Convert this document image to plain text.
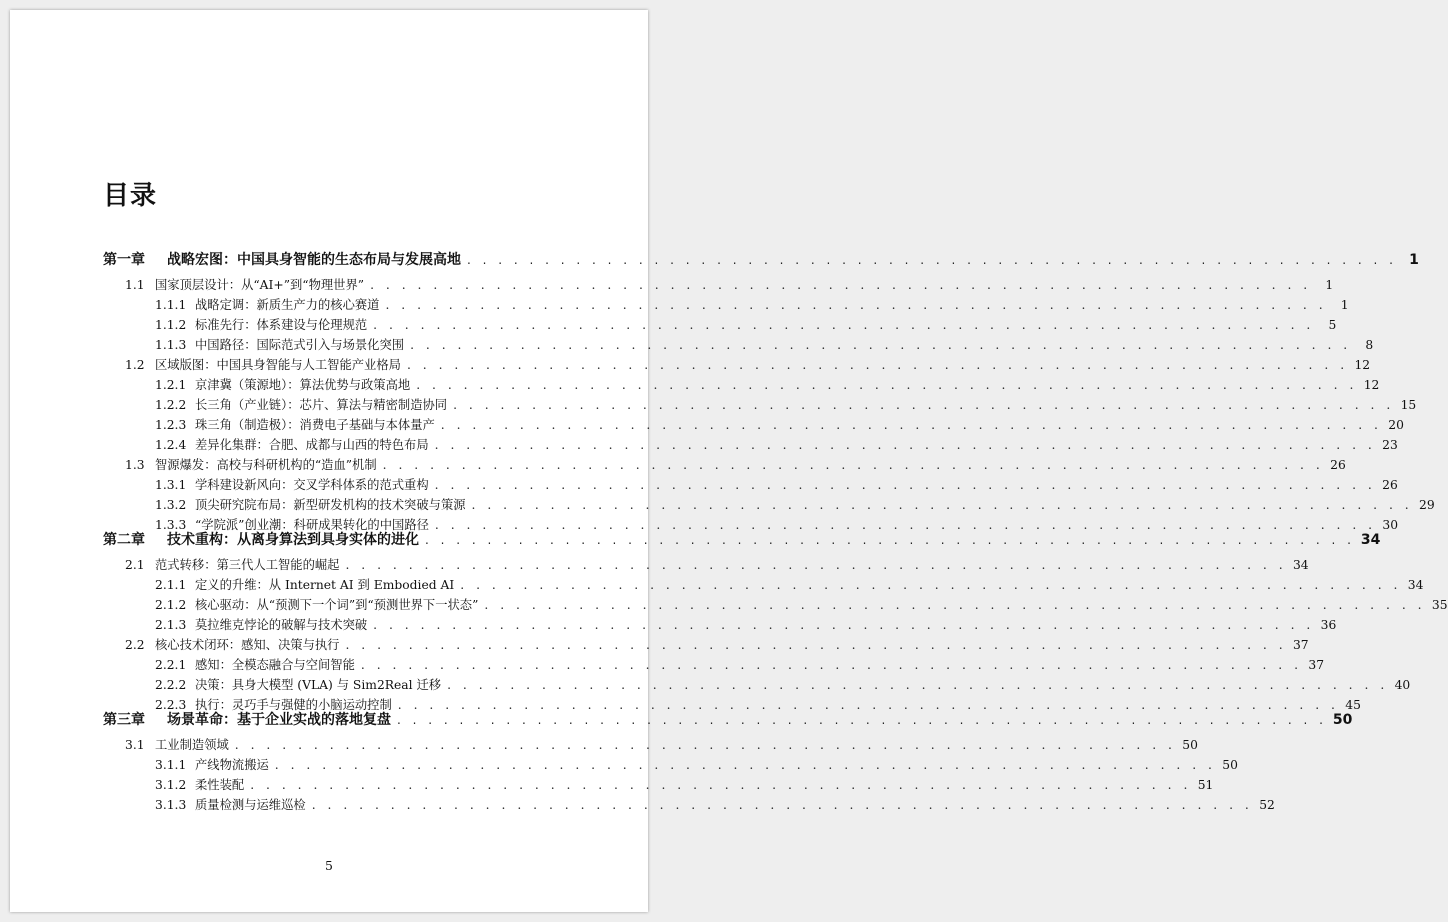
目录
第一章	战略宏图：中国具身智能的生态布局与发展高地 . . . . . . . . . . . . . . . . . . . . . . . . . . . . . . . . . . . . . . . . . . . . . . . . . . . . . . . . . . . . 1
1.1 国家顶层设计：从“AI+”到“物理世界” . . . . . . . . . . . . . . . . . . . . . . . . . . . . . . . . . . . . . . . . . . . . . . . . . . . . . . . . . . . .	1
1.1.1 战略定调：新质生产力的核心赛道 . . . . . . . . . . . . . . . . . . . . . . . . . . . . . . . . . . . . . . . . . . . . . . . . . . . . . . . . . . . .	1
1.1.2 标准先行：体系建设与伦理规范 . . . . . . . . . . . . . . . . . . . . . . . . . . . . . . . . . . . . . . . . . . . . . . . . . . . . . . . . . . . .	5
1.1.3 中国路径：国际范式引入与场景化突围 . . . . . . . . . . . . . . . . . . . . . . . . . . . . . . . . . . . . . . . . . . . . . . . . . . . . . . . . . . . .	8
1.2 区域版图：中国具身智能与人工智能产业格局 . . . . . . . . . . . . . . . . . . . . . . . . . . . . . . . . . . . . . . . . . . . . . . . . . . . . . . . . . . . . 12
1.2.1 京津冀（策源地）：算法优势与政策高地 . . . . . . . . . . . . . . . . . . . . . . . . . . . . . . . . . . . . . . . . . . . . . . . . . . . . . . . . . . . . 12
1.2.2 长三角（产业链）：芯片、算法与精密制造协同 . . . . . . . . . . . . . . . . . . . . . . . . . . . . . . . . . . . . . . . . . . . . . . . . . . . . . . . . . . . . 15
1.2.3 珠三角（制造极）：消费电子基础与本体量产 . . . . . . . . . . . . . . . . . . . . . . . . . . . . . . . . . . . . . . . . . . . . . . . . . . . . . . . . . . . . 20
1.2.4 差异化集群：合肥、成都与山西的特色布局 . . . . . . . . . . . . . . . . . . . . . . . . . . . . . . . . . . . . . . . . . . . . . . . . . . . . . . . . . . . . 23
1.3 智源爆发：高校与科研机构的“造血”机制 . . . . . . . . . . . . . . . . . . . . . . . . . . . . . . . . . . . . . . . . . . . . . . . . . . . . . . . . . . . . 26
1.3.1 学科建设新风向：交叉学科体系的范式重构 . . . . . . . . . . . . . . . . . . . . . . . . . . . . . . . . . . . . . . . . . . . . . . . . . . . . . . . . . . . . 26
1.3.2 顶尖研究院布局：新型研发机构的技术突破与策源 . . . . . . . . . . . . . . . . . . . . . . . . . . . . . . . . . . . . . . . . . . . . . . . . . . . . . . . . . . . . 29
1.3.3 “学院派”创业潮：科研成果转化的中国路径 . . . . . . . . . . . . . . . . . . . . . . . . . . . . . . . . . . . . . . . . . . . . . . . . . . . . . . . . . . . . 30
第二章	技术重构：从离身算法到具身实体的进化 . . . . . . . . . . . . . . . . . . . . . . . . . . . . . . . . . . . . . . . . . . . . . . . . . . . . . . . . . . . . 34
2.1 范式转移：第三代人工智能的崛起 . . . . . . . . . . . . . . . . . . . . . . . . . . . . . . . . . . . . . . . . . . . . . . . . . . . . . . . . . . . . 34
2.1.1 定义的升维：从 Internet AI 到 Embodied AI . . . . . . . . . . . . . . . . . . . . . . . . . . . . . . . . . . . . . . . . . . . . . . . . . . . . . . . . . . . . 34
2.1.2 核心驱动：从“预测下一个词”到“预测世界下一状态” . . . . . . . . . . . . . . . . . . . . . . . . . . . . . . . . . . . . . . . . . . . . . . . . . . . . . . . . . . . . 35
2.1.3 莫拉维克悖论的破解与技术突破 . . . . . . . . . . . . . . . . . . . . . . . . . . . . . . . . . . . . . . . . . . . . . . . . . . . . . . . . . . . . 36
2.2 核心技术闭环：感知、决策与执行 . . . . . . . . . . . . . . . . . . . . . . . . . . . . . . . . . . . . . . . . . . . . . . . . . . . . . . . . . . . . 37
2.2.1 感知：全模态融合与空间智能 . . . . . . . . . . . . . . . . . . . . . . . . . . . . . . . . . . . . . . . . . . . . . . . . . . . . . . . . . . . . 37
2.2.2 决策：具身大模型 (VLA) 与 Sim2Real 迁移 . . . . . . . . . . . . . . . . . . . . . . . . . . . . . . . . . . . . . . . . . . . . . . . . . . . . . . . . . . . . 40
2.2.3 执行：灵巧手与强健的小脑运动控制 . . . . . . . . . . . . . . . . . . . . . . . . . . . . . . . . . . . . . . . . . . . . . . . . . . . . . . . . . . . . 45
第三章	场景革命：基于企业实战的落地复盘 . . . . . . . . . . . . . . . . . . . . . . . . . . . . . . . . . . . . . . . . . . . . . . . . . . . . . . . . . . . . 50
3.1 工业制造领域 . . . . . . . . . . . . . . . . . . . . . . . . . . . . . . . . . . . . . . . . . . . . . . . . . . . . . . . . . . . . 50
3.1.1 产线物流搬运 . . . . . . . . . . . . . . . . . . . . . . . . . . . . . . . . . . . . . . . . . . . . . . . . . . . . . . . . . . . . 50
3.1.2 柔性装配 . . . . . . . . . . . . . . . . . . . . . . . . . . . . . . . . . . . . . . . . . . . . . . . . . . . . . . . . . . . . 51
3.1.3 质量检测与运维巡检 . . . . . . . . . . . . . . . . . . . . . . . . . . . . . . . . . . . . . . . . . . . . . . . . . . . . . . . . . . . . 52
5
